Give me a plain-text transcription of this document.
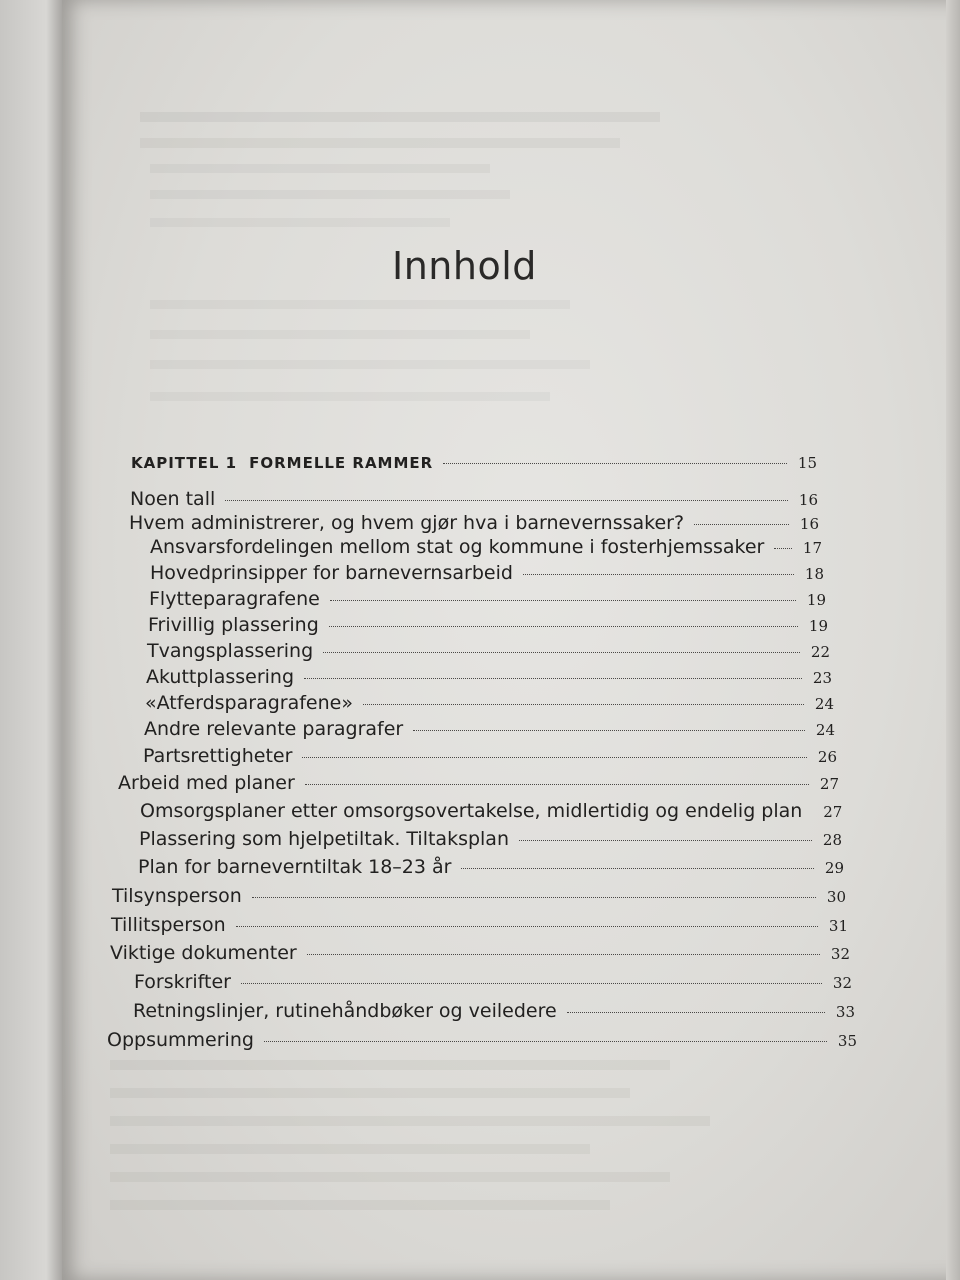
Innhold
KAPITTEL 1 FORMELLE RAMMER	15
Noen tall	16
Hvem administrerer, og hvem gjør hva i barnevernssaker?	16
Ansvarsfordelingen mellom stat og kommune i fosterhjemssaker	17
Hovedprinsipper for barnevernsarbeid	18
Flytteparagrafene	19
Frivillig plassering	19
Tvangsplassering	22
Akuttplassering	23
«Atferdsparagrafene»	24
Andre relevante paragrafer	24
Partsrettigheter	26
Arbeid med planer	27
Omsorgsplaner etter omsorgsovertakelse, midlertidig og endelig plan 27
Plassering som hjelpetiltak. Tiltaksplan	28
Plan for barneverntiltak 18–23 år	29
Tilsynsperson	30
Tillitsperson	31
Viktige dokumenter	32
Forskrifter	32
Retningslinjer, rutinehåndbøker og veiledere	33
Oppsummering	35
